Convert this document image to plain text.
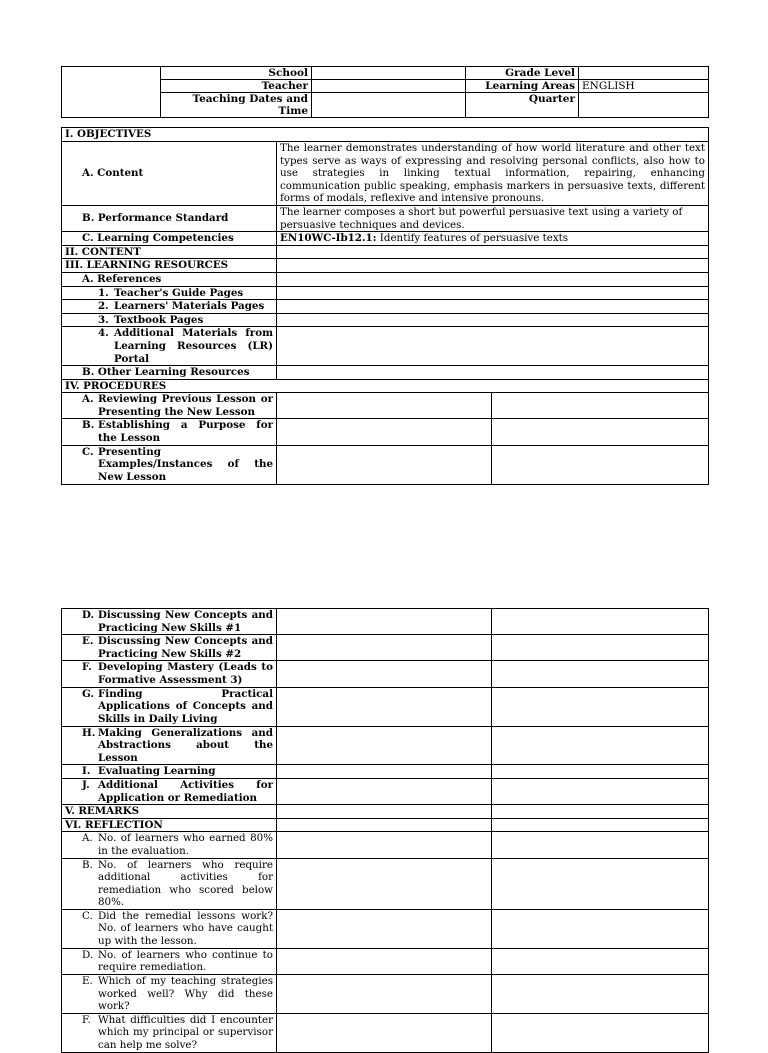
	School		Grade Level	
	Teacher		Learning Areas	ENGLISH
	Teaching Dates and Time		Quarter	
I. OBJECTIVES		
A. Content	The learner demonstrates understanding of how world literature and other text types serve as ways of expressing and resolving personal conflicts, also how to use strategies in linking textual information, repairing, enhancing communication public speaking, emphasis markers in persuasive texts, different forms of modals, reflexive and intensive pronouns.	
B. Performance Standard	The learner composes a short but powerful persuasive text using a variety of persuasive techniques and devices.	
C. Learning Competencies	EN10WC-Ib12.1: Identify features of persuasive texts	
II. CONTENT		
III. LEARNING RESOURCES		
A. References		

1. Teacher's Guide Pages		

2. Learners' Materials Pages		

3. Textbook Pages		

4. Additional Materials from Learning Resources (LR) Portal		

B. Other Learning Resources		
IV. PROCEDURES		

A. Reviewing Previous Lesson or Presenting the New Lesson		

B. Establishing a Purpose for the Lesson		

C. Presenting Examples/Instances of the New Lesson		

D. Discussing New Concepts and Practicing New Skills #1		

E. Discussing New Concepts and Practicing New Skills #2		

F. Developing Mastery (Leads to Formative Assessment 3)		

G. Finding Practical Applications of Concepts and Skills in Daily Living		

H. Making Generalizations and Abstractions about the Lesson		

I. Evaluating Learning		

J. Additional Activities for Application or Remediation		

V. REMARKS		
VI. REFLECTION		

A. No. of learners who earned 80% in the evaluation.		

B. No. of learners who require additional activities for remediation who scored below 80%.		

C. Did the remedial lessons work? No. of learners who have caught up with the lesson.		

D. No. of learners who continue to require remediation.		

E. Which of my teaching strategies worked well? Why did these work?		

F. What difficulties did I encounter which my principal or supervisor can help me solve?		
